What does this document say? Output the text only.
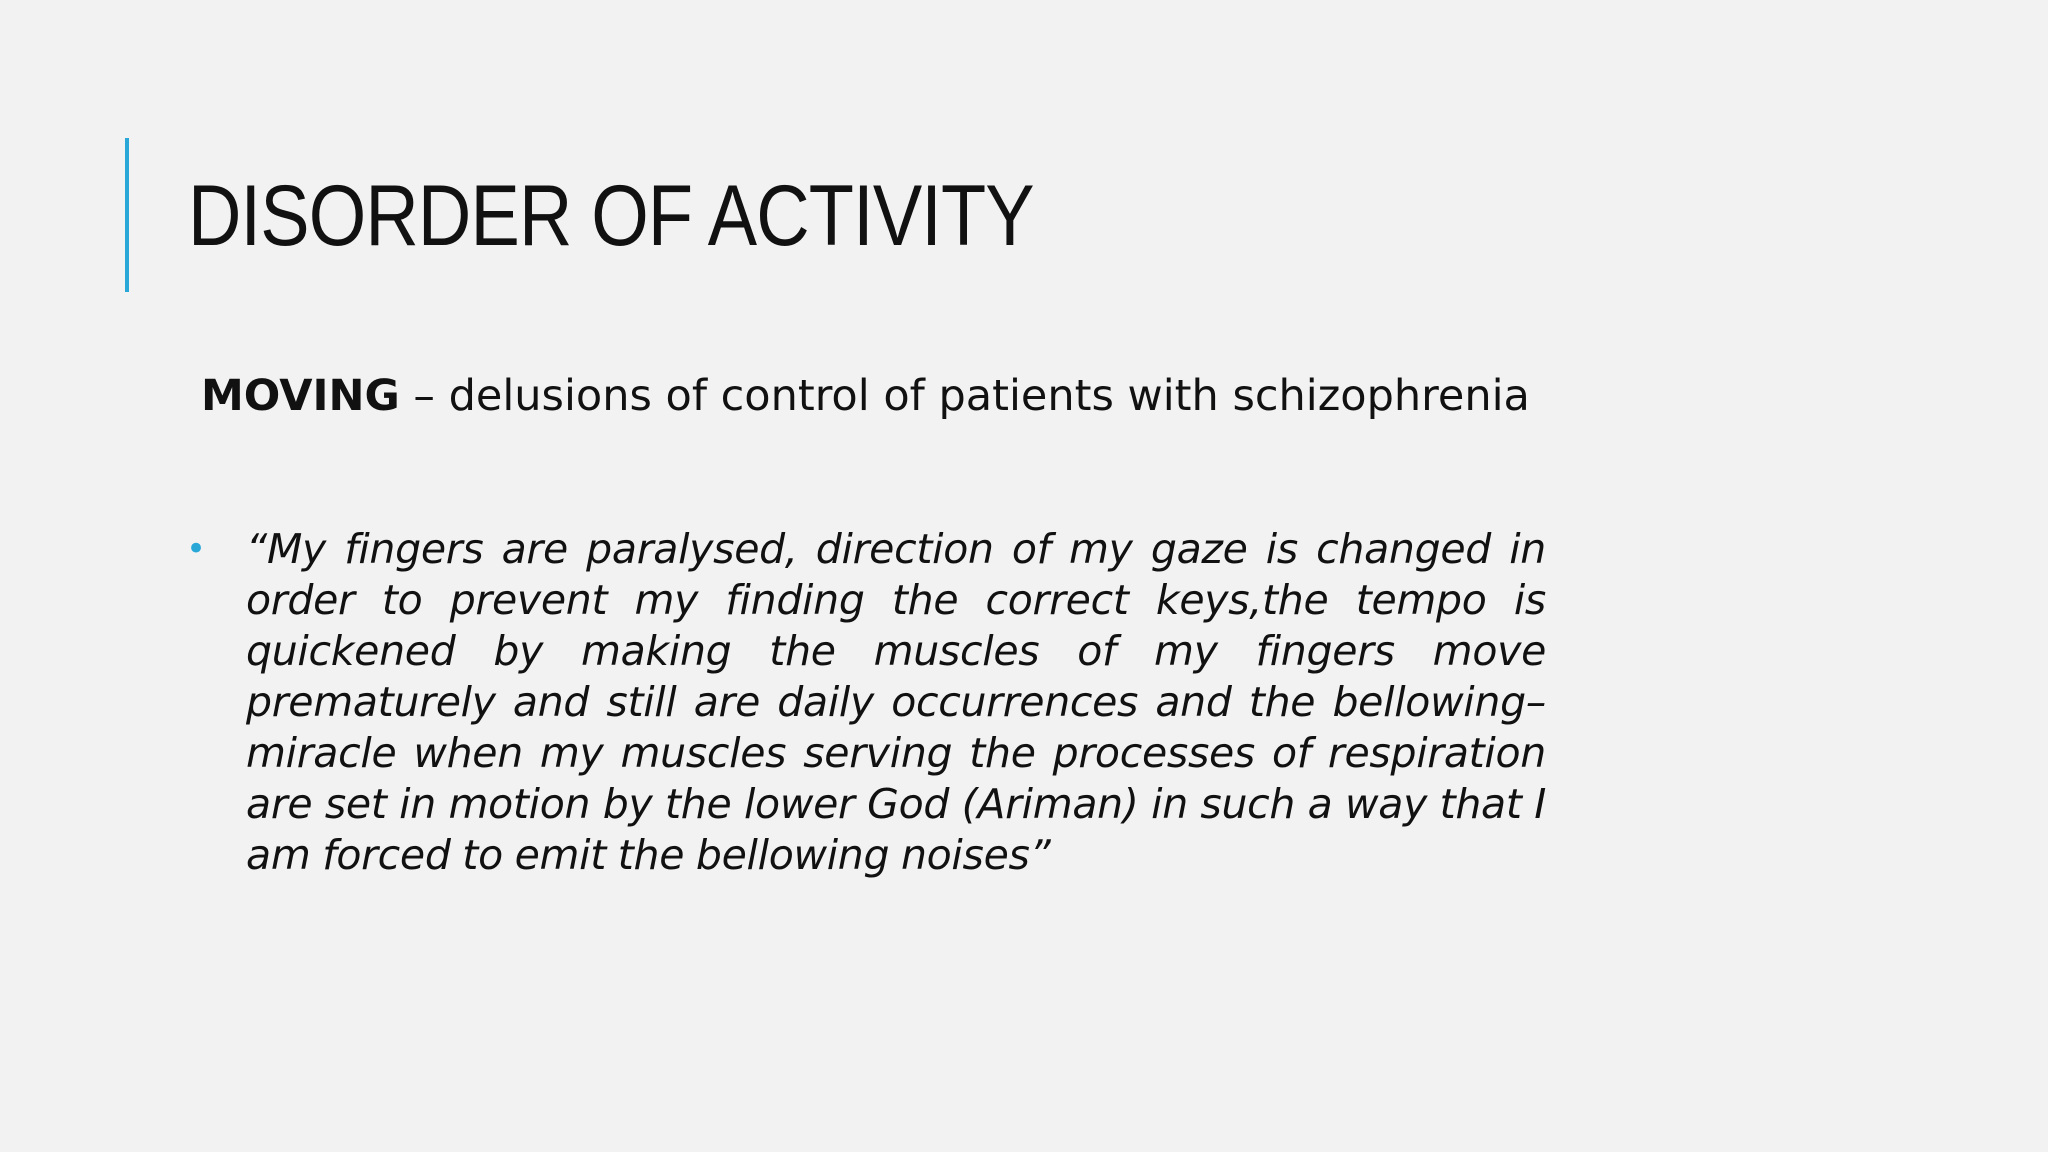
DISORDER OF ACTIVITY

MOVING – delusions of control of patients with schizophrenia

• “My fingers are paralysed, direction of my gaze is changed in order to prevent my finding the correct keys,the tempo is quickened by making the muscles of my fingers move prematurely and still are daily occurrences and the bellowing–miracle when my muscles serving the processes of respiration are set in motion by the lower God (Ariman) in such a way that I am forced to emit the bellowing noises”
